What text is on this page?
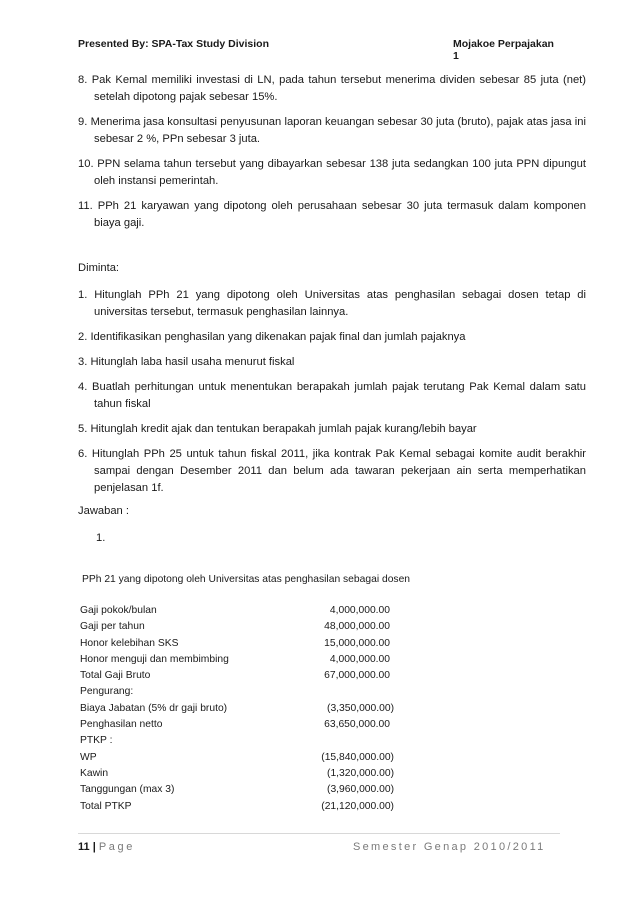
Presented By: SPA-Tax Study Division	Mojakoe Perpajakan 1

8. Pak Kemal memiliki investasi di LN, pada tahun tersebut menerima dividen sebesar 85 juta (net) setelah dipotong pajak sebesar 15%.

9. Menerima jasa konsultasi penyusunan laporan keuangan sebesar 30 juta (bruto), pajak atas jasa ini sebesar 2 %, PPn sebesar 3 juta.

10. PPN selama tahun tersebut yang dibayarkan sebesar 138 juta sedangkan 100 juta PPN dipungut oleh instansi pemerintah.

11. PPh 21 karyawan yang dipotong oleh perusahaan sebesar 30 juta termasuk dalam komponen biaya gaji.

Diminta:

1. Hitunglah PPh 21 yang dipotong oleh Universitas atas penghasilan sebagai dosen tetap di universitas tersebut, termasuk penghasilan lainnya.

2. Identifikasikan penghasilan yang dikenakan pajak final dan jumlah pajaknya

3. Hitunglah laba hasil usaha menurut fiskal

4. Buatlah perhitungan untuk menentukan berapakah jumlah pajak terutang Pak Kemal dalam satu tahun fiskal

5. Hitunglah kredit ajak dan tentukan berapakah jumlah pajak kurang/lebih bayar

6. Hitunglah PPh 25 untuk tahun fiskal 2011, jika kontrak Pak Kemal sebagai komite audit berakhir sampai dengan Desember 2011 dan belum ada tawaran pekerjaan ain serta memperhatikan penjelasan 1f.

Jawaban :

1.

PPh 21 yang dipotong oleh Universitas atas penghasilan sebagai dosen
Gaji pokok/bulan	4,000,000.00
Gaji per tahun	48,000,000.00
Honor kelebihan SKS	15,000,000.00
Honor menguji dan membimbing	4,000,000.00
Total Gaji Bruto	67,000,000.00
Pengurang:
Biaya Jabatan (5% dr gaji bruto)	(3,350,000.00)
Penghasilan netto	63,650,000.00
PTKP :
WP	(15,840,000.00)
Kawin	(1,320,000.00)
Tanggungan (max 3)	(3,960,000.00)
Total PTKP	(21,120,000.00)
11 | Page	Semester Genap 2010/2011
